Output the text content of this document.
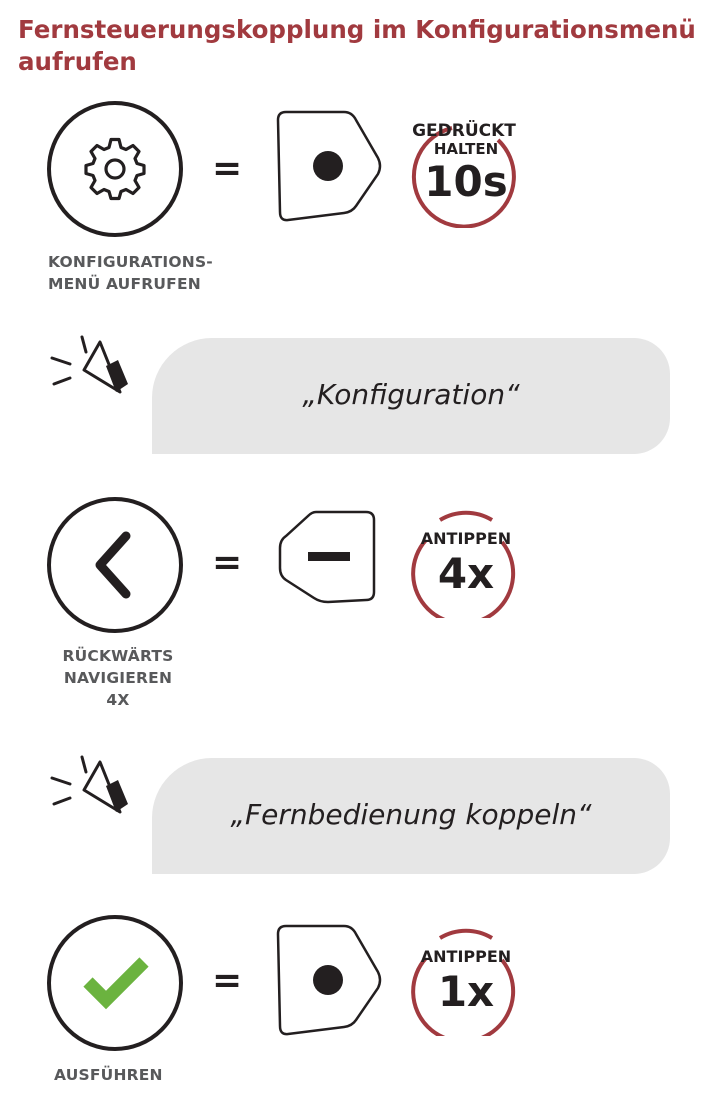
Fernsteuerungskopplung im Konfigurationsmenü aufrufen
=
GEDRÜCKT
HALTEN
10s
KONFIGURATIONS-
MENÜ AUFRUFEN
„Konfiguration“
=
ANTIPPEN
4x
RÜCKWÄRTS
NAVIGIEREN
4X
„Fernbedienung koppeln“
=
ANTIPPEN
1x
AUSFÜHREN
